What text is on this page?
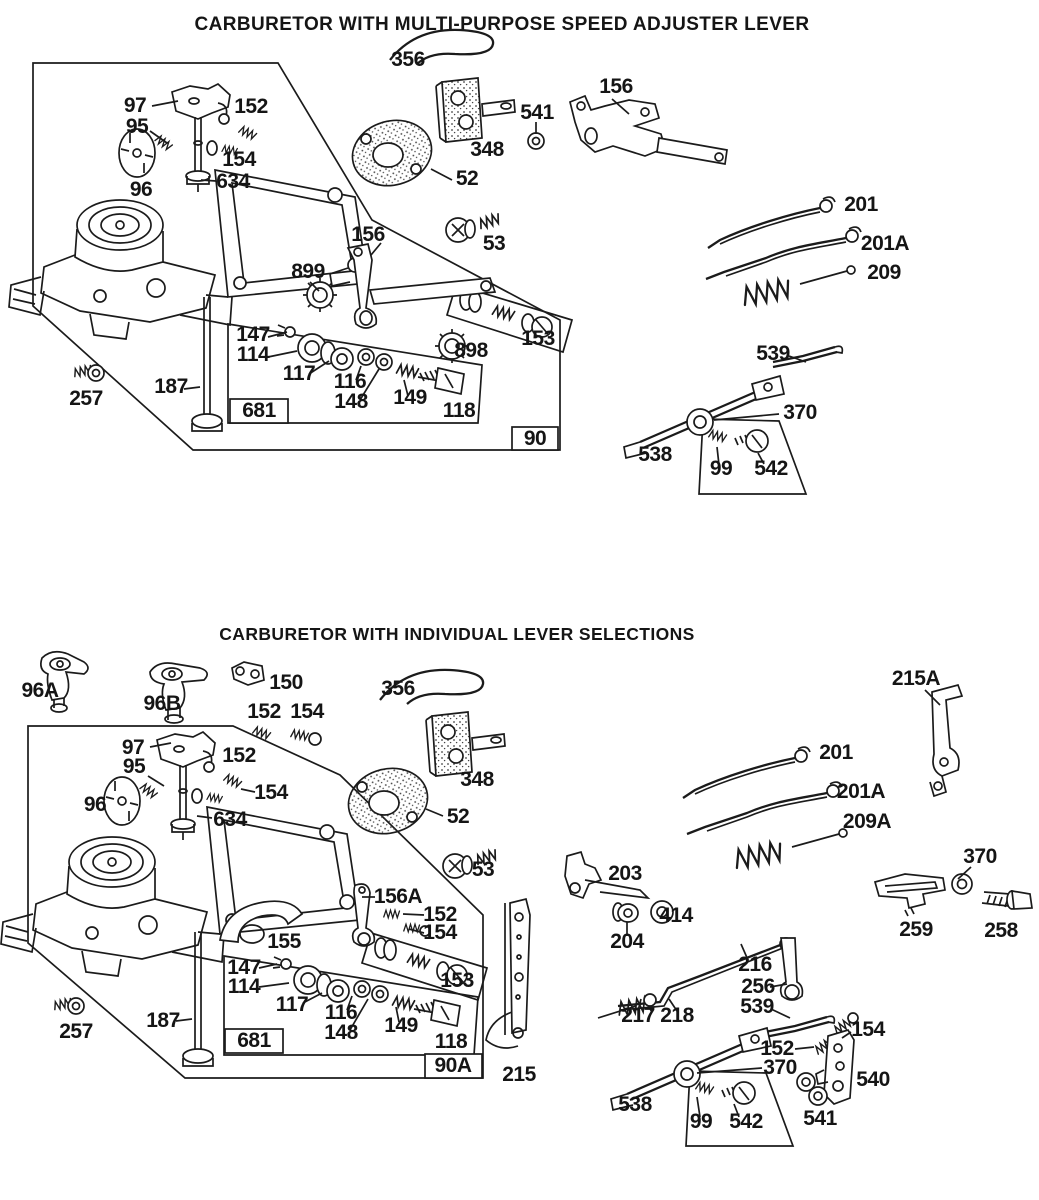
CARBURETOR WITH MULTI-PURPOSE SPEED ADJUSTER LEVER
356
97
95
152
154
96	634
348
52
541
156
53
156
899
898
153
147
114
117 116
148 149
118
187
257
201
201A
209
539
370
538
99 542
681
90
CARBURETOR WITH INDIVIDUAL LEVER SELECTIONS
96A
96B
150
152 154
97
95	152
96
154
634
356
348
52
53
156A
152
154
155
153
147
114
117 116
148 149
118
187
257
215
215A
201
201A
209A
203
204
414
216
256
539
217 218
370
259 258
538
152
370
154
540
541
99 542
681
90A
